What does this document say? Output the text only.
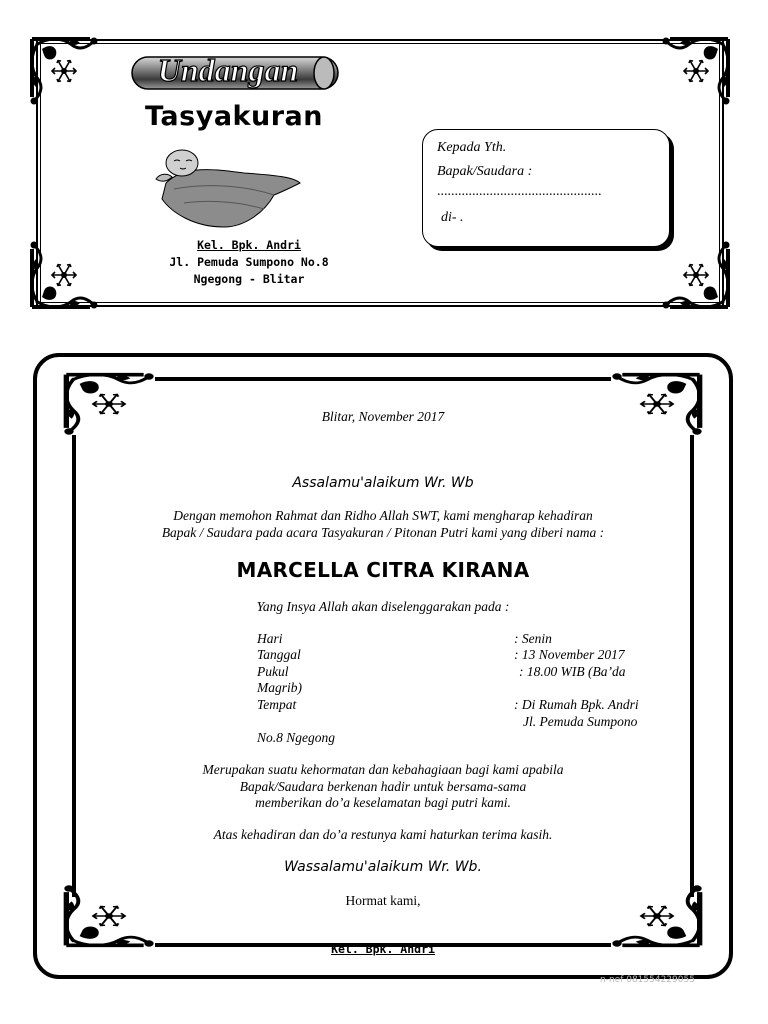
Undangan
Tasyakuran
Kel. Bpk. Andri
Jl. Pemuda Sumpono No.8
Ngegong - Blitar
Kepada Yth.
Bapak/Saudara :
...............................................
di- .
Blitar, November 2017
Assalamu'alaikum Wr. Wb
Dengan memohon Rahmat dan Ridho Allah SWT, kami mengharap kehadiran
Bapak / Saudara pada acara Tasyakuran / Pitonan Putri kami yang diberi nama :
MARCELLA CITRA KIRANA
Yang Insya Allah akan diselenggarakan pada :
Hari	: Senin
Tanggal	: 13 November 2017
Pukul	: 18.00 WIB (Ba’da
Magrib)
Tempat	: Di Rumah Bpk. Andri
Jl. Pemuda Sumpono
No.8 Ngegong
Merupakan suatu kehormatan dan kebahagiaan bagi kami apabila
Bapak/Saudara berkenan hadir untuk bersama-sama
memberikan do’a keselamatan bagi putri kami.
Atas kehadiran dan do’a restunya kami haturkan terima kasih.
Wassalamu'alaikum Wr. Wb.
Hormat kami,
Kel. Bpk. Andri
n-nef 081554229055
